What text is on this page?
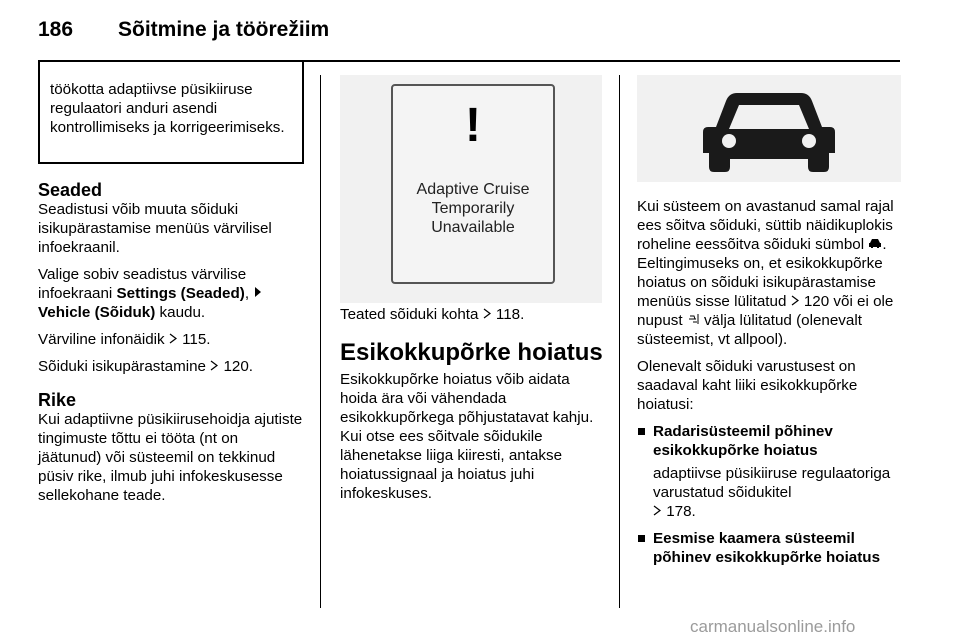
186 Sõitmine ja töörežiim
töökotta adaptiivse püsikiiruse regulaatori anduri asendi kontrollimiseks ja korrigeerimiseks.
Seaded

Seadistusi võib muuta sõiduki isikupärastamise menüüs värvilisel infoekraanil.

Valige sobiv seadistus värvilise infoekraani Settings (Seaded),  Vehicle (Sõiduk) kaudu.

Värviline infonäidik  115.

Sõiduki isikupärastamine  120.

Rike

Kui adaptiivne püsikiirusehoidja ajutiste tingimuste tõttu ei tööta (nt on jäätunud) või süsteemil on tekkinud püsiv rike, ilmub juhi infokeskusesse sellekohane teade.

!
Adaptive Cruise
Temporarily
Unavailable

Teated sõiduki kohta  118.

Esikokkupõrke hoiatus

Esikokkupõrke hoiatus võib aidata hoida ära või vähendada esikokkupõrkega põhjustatavat kahju. Kui otse ees sõitvale sõidukile lähenetakse liiga kiiresti, antakse hoiatussignaal ja hoiatus juhi infokeskuses.

Kui süsteem on avastanud samal rajal ees sõitva sõiduki, süttib näidikuplokis roheline eessõitva sõiduki sümbol . Eeltingimuseks on, et esikokkupõrke hoiatus on sõiduki isikupärastamise menüüs sisse lülitatud  120 või ei ole nupust  välja lülitatud (olenevalt süsteemist, vt allpool).

Olenevalt sõiduki varustusest on saadaval kaht liiki esikokkupõrke hoiatusi:

Radarisüsteemil põhinev esikokkupõrke hoiatus

adaptiivse püsikiiruse regulaatoriga varustatud sõidukitel
178.

Eesmise kaamera süsteemil põhinev esikokkupõrke hoiatus

carmanualsonline.info
